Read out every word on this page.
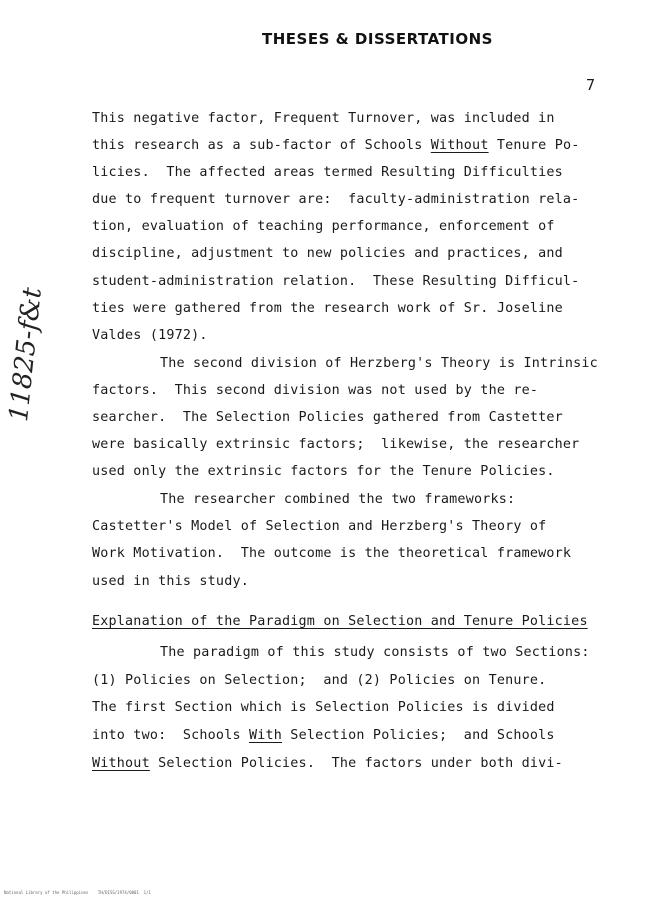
THESES & DISSERTATIONS
7
11825-f&t
This negative factor, Frequent Turnover, was included in
this research as a sub-factor of Schools Without Tenure Po-
licies.  The affected areas termed Resulting Difficulties
due to frequent turnover are:  faculty-administration rela-
tion, evaluation of teaching performance, enforcement of
discipline, adjustment to new policies and practices, and
student-administration relation.  These Resulting Difficul-
ties were gathered from the research work of Sr. Joseline
Valdes (1972).
The second division of Herzberg's Theory is Intrinsic
factors.  This second division was not used by the re-
searcher.  The Selection Policies gathered from Castetter
were basically extrinsic factors;  likewise, the researcher
used only the extrinsic factors for the Tenure Policies.
The researcher combined the two frameworks:
Castetter's Model of Selection and Herzberg's Theory of
Work Motivation.  The outcome is the theoretical framework
used in this study.
Explanation of the Paradigm on Selection and Tenure Policies
The paradigm of this study consists of two Sections:
(1) Policies on Selection;  and (2) Policies on Tenure.
The first Section which is Selection Policies is divided
into two:  Schools With Selection Policies;  and Schools
Without Selection Policies.  The factors under both divi-
National Library of the Philippines    TH/DISS/1974/0001  1/1
